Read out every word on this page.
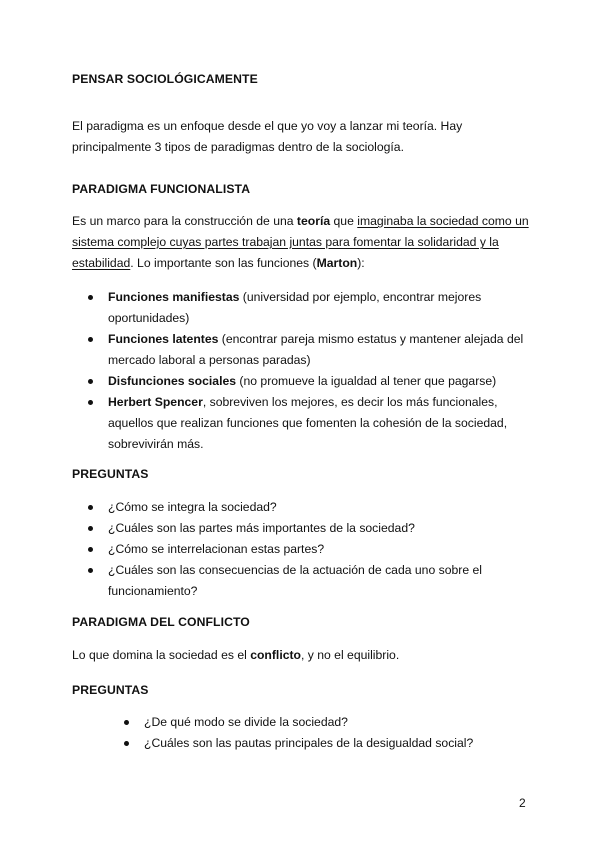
PENSAR SOCIOLÓGICAMENTE

El paradigma es un enfoque desde el que yo voy a lanzar mi teoría. Hay principalmente 3 tipos de paradigmas dentro de la sociología.

PARADIGMA FUNCIONALISTA

Es un marco para la construcción de una teoría que imaginaba la sociedad como un sistema complejo cuyas partes trabajan juntas para fomentar la solidaridad y la estabilidad. Lo importante son las funciones (Marton):

Funciones manifiestas (universidad por ejemplo, encontrar mejores oportunidades)
Funciones latentes (encontrar pareja mismo estatus y mantener alejada del mercado laboral a personas paradas)
Disfunciones sociales (no promueve la igualdad al tener que pagarse)
Herbert Spencer, sobreviven los mejores, es decir los más funcionales, aquellos que realizan funciones que fomenten la cohesión de la sociedad, sobrevivirán más.
PREGUNTAS
¿Cómo se integra la sociedad?
¿Cuáles son las partes más importantes de la sociedad?
¿Cómo se interrelacionan estas partes?
¿Cuáles son las consecuencias de la actuación de cada uno sobre el funcionamiento?
PARADIGMA DEL CONFLICTO

Lo que domina la sociedad es el conflicto, y no el equilibrio.

PREGUNTAS
¿De qué modo se divide la sociedad?
¿Cuáles son las pautas principales de la desigualdad social?
2
